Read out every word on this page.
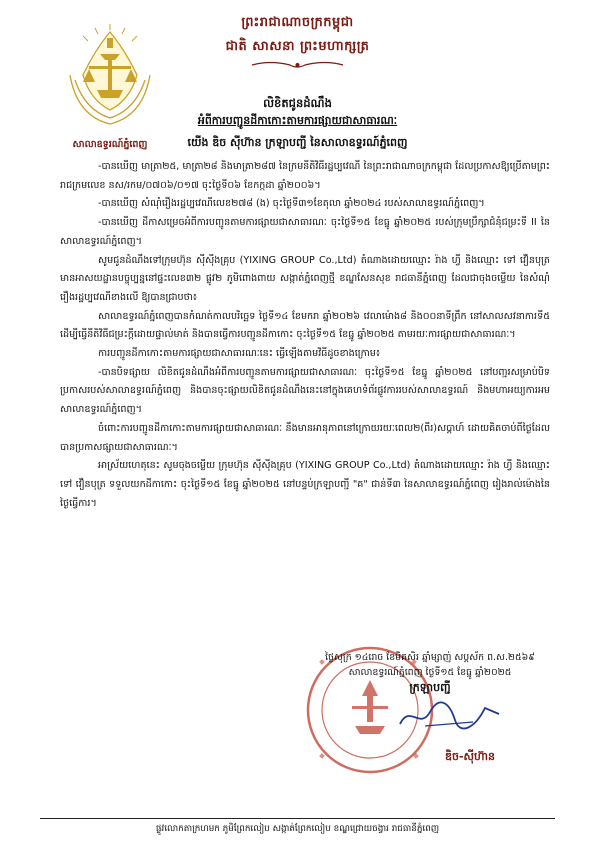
ព្រះរាជាណាចក្រកម្ពុជា
ជាតិ សាសនា ព្រះមហាក្សត្រ
សាលាឧទ្ធរណ៍ភ្នំពេញ
លិខិតជូនដំណឹង
អំពីការបញ្ជូនដីកាកោះតាមការផ្សាយជាសាធារណៈ
យើង ឌិច ស៊ីហ៊ាន ក្រឡាបញ្ជី នៃសាលាឧទ្ធរណ៍ភ្នំពេញ

-បានឃើញ មាត្រា២៥, មាត្រា២៨ និងមាត្រា២៨៧ នៃក្រមនីតិវិធីរដ្ឋប្បវេណី នៃព្រះរាជាណាចក្រកម្ពុជា ដែលប្រកាសឱ្យប្រើតាមព្រះរាជក្រមលេខ នស/រកម/០៧០៦/០១៧ ចុះថ្ងៃទី០៦ ខែកក្កដា ឆ្នាំ២០០៦។

-បានឃើញ សំណុំរឿងរដ្ឋប្បវេណីលេខ២៧៨ (ង) ចុះថ្ងៃទី៣១ខែតុលា ឆ្នាំ២០២៤ របស់សាលាឧទ្ធរណ៍ភ្នំពេញ។

-បានឃើញ ដីកាសម្រេចអំពីការបញ្ជូនតាមការផ្សាយជាសាធារណៈ ចុះថ្ងៃទី១៥ ខែធ្នូ ឆ្នាំ២០២៥ របស់ក្រុមប្រឹក្សាជំនុំជម្រះទី II នៃសាលាឧទ្ធរណ៍ភ្នំពេញ។

សូមជូនដំណឹងទៅក្រុមហ៊ុន ស៊ីស៊ីងគ្រុប (YIXING GROUP Co.,Ltd) តំណាងដោយឈ្មោះ រ៉ាង ហ្វី និងឈ្មោះ ទៅ វឿនបុត្រ មានអាសយដ្ឋានបច្ចុប្បន្ននៅផ្ទះលេខ៣២ ផ្លូវ២ ភូមិពោងពាយ សង្កាត់ភ្នំពេញថ្មី ខណ្ឌសែនសុខ រាជធានីភ្នំពេញ ដែលជាចុងចម្លើយ នៃសំណុំរឿងរដ្ឋប្បវេណីខាងលើ ឱ្យបានជ្រាបថា៖

សាលាឧទ្ធរណ៍ភ្នំពេញបានកំណត់កាលបរិច្ឆេទ ថ្ងៃទី១៤ ខែមករា ឆ្នាំ២០២៦ វេលាម៉ោង៨ និង០០នាទីព្រឹក នៅសាលសវនាការទី៥ ដើម្បីធ្វើនីតិវិធីជម្រះក្តីដោយផ្ទាល់មាត់ និងបានធ្វើការបញ្ជូនដីកាកោះ ចុះថ្ងៃទី១៥ ខែធ្នូ ឆ្នាំ២០២៥ តាមរយៈការផ្សាយជាសាធារណៈ។

ការបញ្ជូនដីកាកោះតាមការផ្សាយជាសាធារណៈនេះ ធ្វើឡើងតាមវិធីដូចខាងក្រោម៖

-បានបិទផ្សាយ លិខិតជូនដំណឹងអំពីការបញ្ជូនតាមការផ្សាយជាសាធារណៈ ចុះថ្ងៃទី១៥ ខែធ្នូ ឆ្នាំ២០២៥ នៅបញ្ជរសម្រាប់បិទប្រកាសរបស់សាលាឧទ្ធរណ៍ភ្នំពេញ និងបានចុះផ្សាយលិខិតជូនដំណឹងនេះនៅក្នុងគេហទំព័រផ្លូវការរបស់សាលាឧទ្ធរណ៍ និងមហាអយ្យការអមសាលាឧទ្ធរណ៍ភ្នំពេញ។

ចំពោះការបញ្ជូនដីកាកោះតាមការផ្សាយជាសាធារណៈ នឹងមានអានុភាពនៅក្រោយរយៈពេល២(ពីរ)សប្តាហ៍ ដោយគិតចាប់ពីថ្ងៃដែលបានប្រកាសផ្សាយជាសាធារណៈ។

អាស្រ័យហេតុនេះ សូមចុងចម្លើយ ក្រុមហ៊ុន ស៊ីស៊ីងគ្រុប (YIXING GROUP Co.,Ltd) តំណាងដោយឈ្មោះ រ៉ាង ហ្វី និងឈ្មោះ ទៅ វឿនបុត្រ ទទួលយកដីកាកោះ ចុះថ្ងៃទី១៥ ខែធ្នូ ឆ្នាំ២០២៥ នៅបន្ទប់ក្រឡាបញ្ជី "គ" ជាន់ទី៣ នៃសាលាឧទ្ធរណ៍ភ្នំពេញ រៀងរាល់ម៉ោងនៃថ្ងៃធ្វើការ។

ថ្ងៃសុក្រ ១៤រោច ខែមិគសិរ ឆ្នាំម្សាញ់ សប្តស័ក ព.ស.២៥៦៩
សាលាឧទ្ធរណ៍ភ្នំពេញ ថ្ងៃទី១៥ ខែធ្នូ ឆ្នាំ២០២៥
ក្រឡាបញ្ជី
ឌិច-ស៊ីហ៊ាន
ផ្លូវលោកតាក្រហមក ភូមិព្រែកលៀប សង្កាត់ព្រែកលៀប ខណ្ឌជ្រោយចង្វារ រាជធានីភ្នំពេញ
